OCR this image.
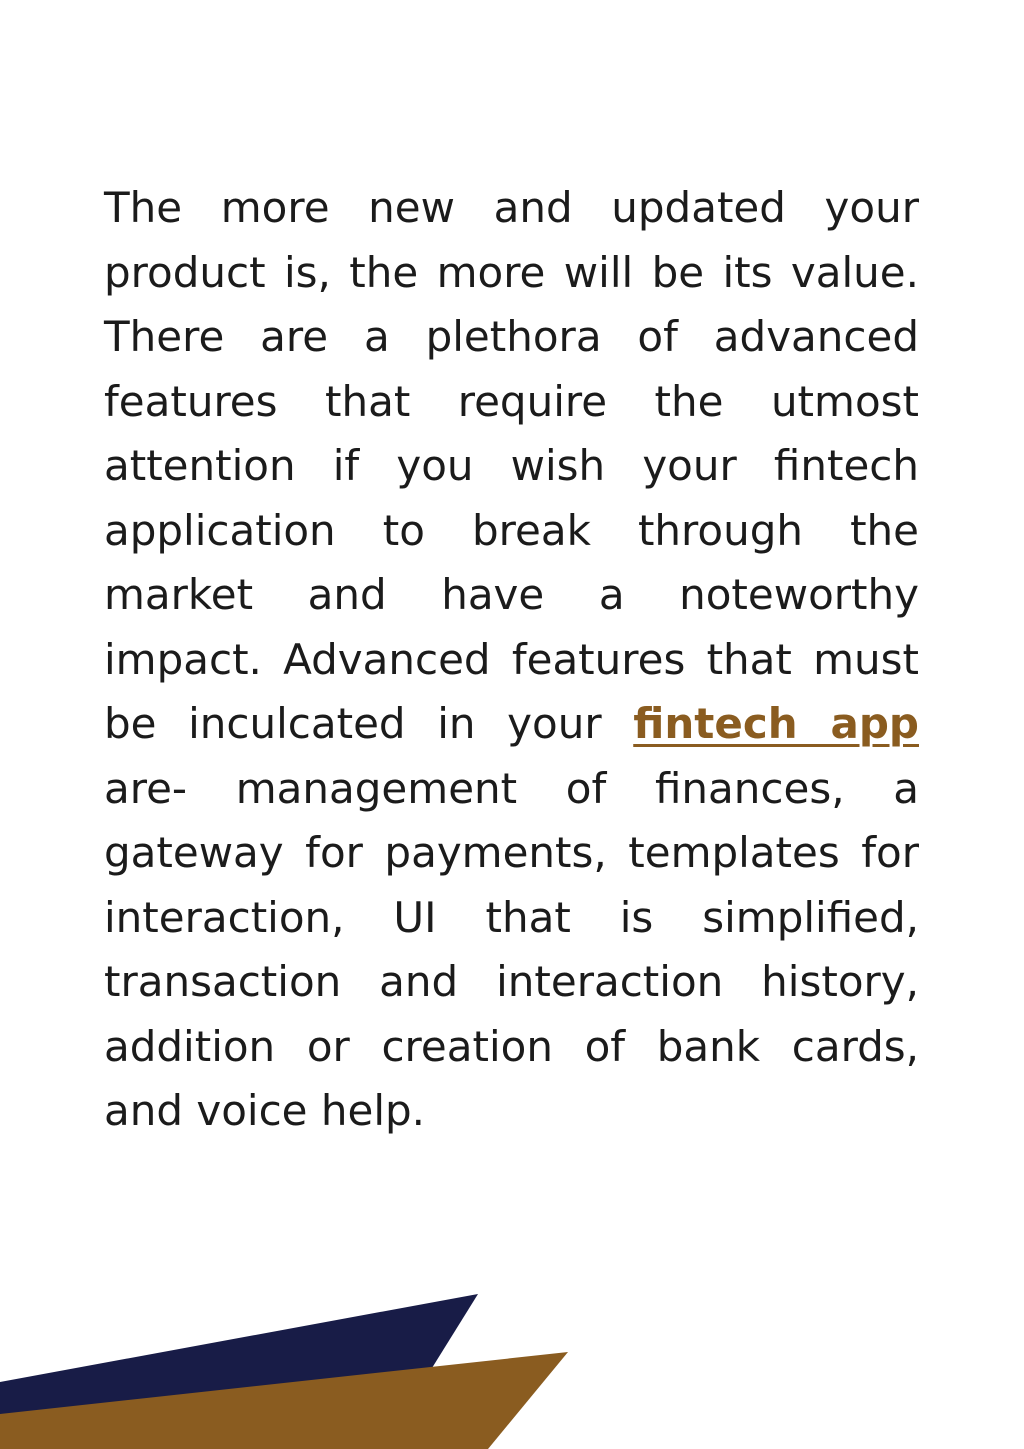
The more new and updated your product is, the more will be its value. There are a plethora of advanced features that require the utmost attention if you wish your fintech application to break through the market and have a noteworthy impact. Advanced features that must be inculcated in your fintech app are- management of finances, a gateway for payments, templates for interaction, UI that is simplified, transaction and interaction history, addition or creation of bank cards, and voice help.
